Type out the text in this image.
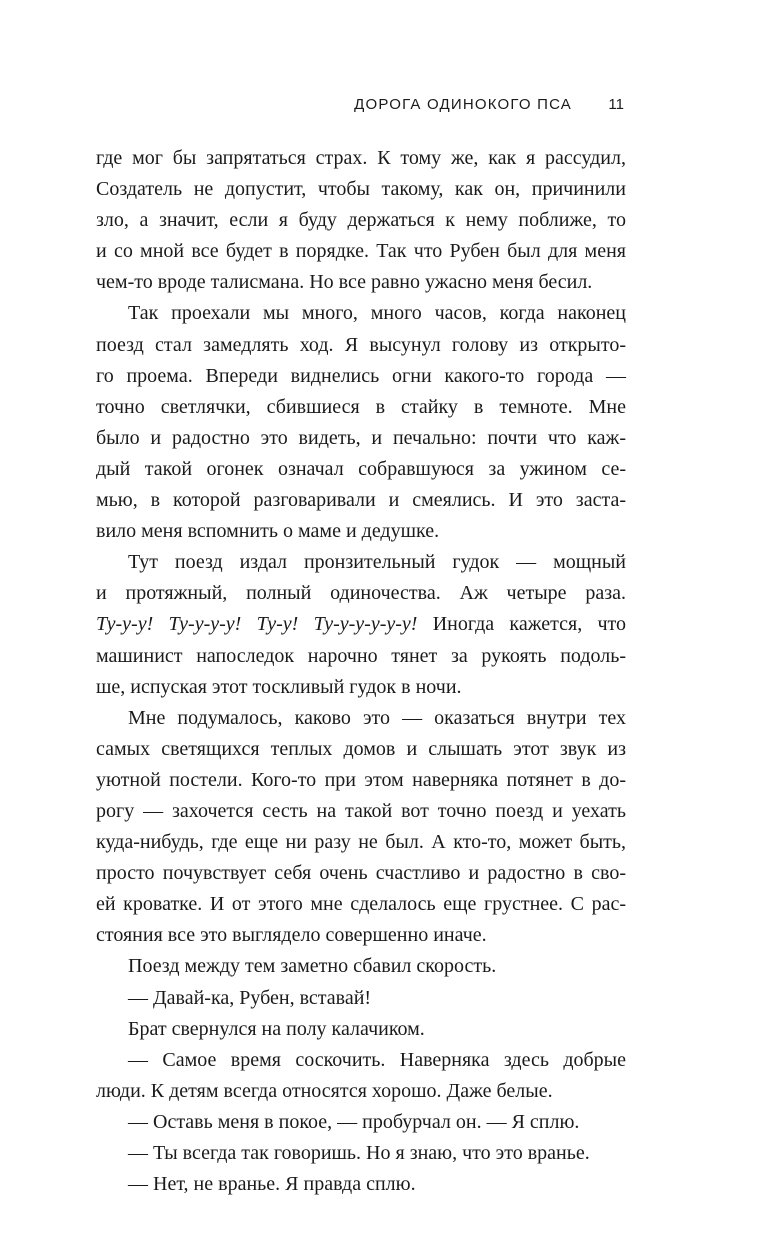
ДОРОГА ОДИНОКОГО ПСА 11
где мог бы запрятаться страх. К тому же, как я рассудил,
Создатель не допустит, чтобы такому, как он, причинили
зло, а значит, если я буду держаться к нему поближе, то
и со мной все будет в порядке. Так что Рубен был для меня
чем-то вроде талисмана. Но все равно ужасно меня бесил.
Так проехали мы много, много часов, когда наконец
поезд стал замедлять ход. Я высунул голову из открыто-
го проема. Впереди виднелись огни какого-то города —
точно светлячки, сбившиеся в стайку в темноте. Мне
было и радостно это видеть, и печально: почти что каж-
дый такой огонек означал собравшуюся за ужином се-
мью, в которой разговаривали и смеялись. И это заста-
вило меня вспомнить о маме и дедушке.
Тут поезд издал пронзительный гудок — мощный
и протяжный, полный одиночества. Аж четыре раза.
Ту-у-у! Ту-у-у-у! Ту-у! Ту-у-у-у-у-у! Иногда кажется, что
машинист напоследок нарочно тянет за рукоять подоль-
ше, испуская этот тоскливый гудок в ночи.
Мне подумалось, каково это — оказаться внутри тех
самых светящихся теплых домов и слышать этот звук из
уютной постели. Кого-то при этом наверняка потянет в до-
рогу — захочется сесть на такой вот точно поезд и уехать
куда-нибудь, где еще ни разу не был. А кто-то, может быть,
просто почувствует себя очень счастливо и радостно в сво-
ей кроватке. И от этого мне сделалось еще грустнее. С рас-
стояния все это выглядело совершенно иначе.
Поезд между тем заметно сбавил скорость.
— Давай-ка, Рубен, вставай!
Брат свернулся на полу калачиком.
— Самое время соскочить. Наверняка здесь добрые
люди. К детям всегда относятся хорошо. Даже белые.
— Оставь меня в покое, — пробурчал он. — Я сплю.
— Ты всегда так говоришь. Но я знаю, что это вранье.
— Нет, не вранье. Я правда сплю.
